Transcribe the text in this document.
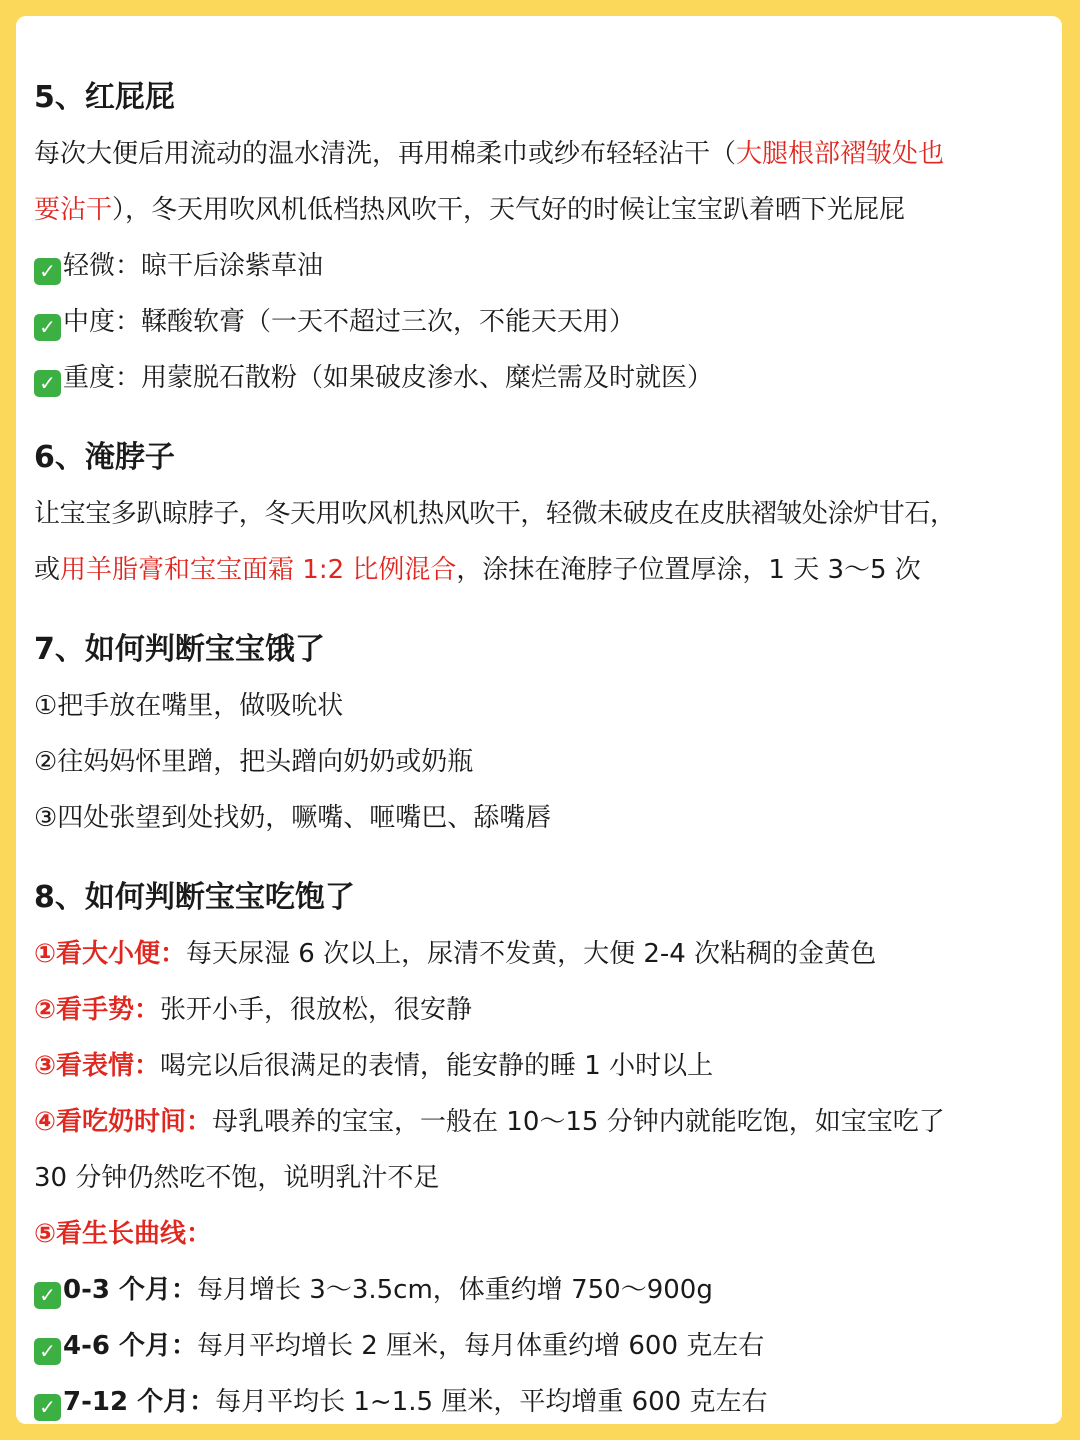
5、红屁屁
每次大便后用流动的温水清洗，再用棉柔巾或纱布轻轻沾干（大腿根部褶皱处也
要沾干），冬天用吹风机低档热风吹干，天气好的时候让宝宝趴着晒下光屁屁
✓ 轻微：晾干后涂紫草油
✓ 中度：鞣酸软膏（一天不超过三次，不能天天用）
✓ 重度：用蒙脱石散粉（如果破皮渗水、糜烂需及时就医）
6、淹脖子
让宝宝多趴晾脖子，冬天用吹风机热风吹干，轻微未破皮在皮肤褶皱处涂炉甘石，
或用羊脂膏和宝宝面霜 1:2 比例混合，涂抹在淹脖子位置厚涂，1 天 3～5 次
7、如何判断宝宝饿了
①把手放在嘴里，做吸吮状
②往妈妈怀里蹭，把头蹭向奶奶或奶瓶
③四处张望到处找奶，噘嘴、咂嘴巴、舔嘴唇
8、如何判断宝宝吃饱了
①看大小便：每天尿湿 6 次以上，尿清不发黄，大便 2-4 次粘稠的金黄色
②看手势：张开小手，很放松，很安静
③看表情：喝完以后很满足的表情，能安静的睡 1 小时以上
④看吃奶时间：母乳喂养的宝宝，一般在 10～15 分钟内就能吃饱，如宝宝吃了
30 分钟仍然吃不饱，说明乳汁不足
⑤看生长曲线：
✓ 0-3 个月：每月增长 3～3.5cm，体重约增 750～900g
✓ 4-6 个月：每月平均增长 2 厘米，每月体重约增 600 克左右
✓ 7-12 个月：每月平均长 1~1.5 厘米，平均增重 600 克左右
